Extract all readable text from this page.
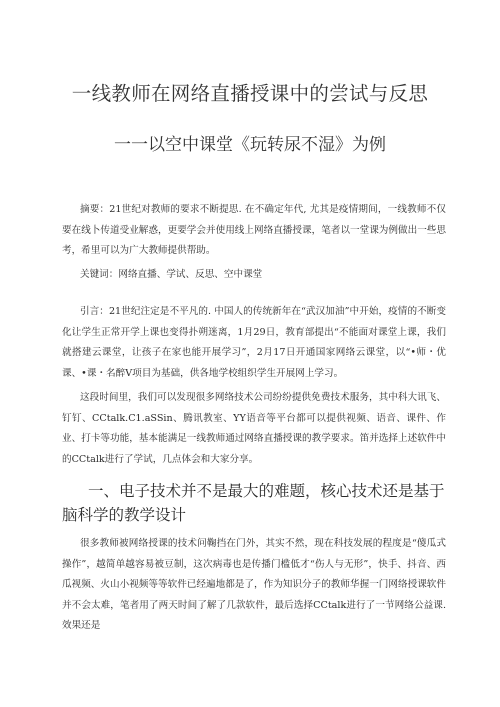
一线教师在网络直播授课中的尝试与反思
一一以空中课堂《玩转尿不湿》为例

摘要：21世纪对教师的要求不断提思. 在不确定年代, 尤其是疫情期间，一线教师不仅要在线卜传道受业解惑，更要学会并使用线上网络直播授课，笔者以一堂课为例做出一些思考，希里可以为广大教师提供帮助。

关键词：网络直播、学试、反思、空中课堂

引言：21世纪注定是不平凡的. 中国人的传统新年在“武汉加油”中开始，疫情的不断变化让学生正常开学上课也变得扑朔迷离，1月29日，教育部提出“不能面对课堂上课，我们就搭建云课堂，让孩子在家也能开展学习”，2月17日开通国家网络云课堂，以“•师・优课、•课・名醉V项目为基础，供各地学校组织学生开展网上学习。

这段时间里，我们可以发现很多网络技术公司纷纷提供免费技术服务，其中科大讯飞、钉钉、CCtalk.C1.aSSin、腾讯教室、YY语音等平台都可以提供视频、语音、课件、作业、打卡等功能，基本能满足一线教师通过网络直播授课的教学要求。笛并选择上述软件中的CCtalk进行了学试，几点体会和大家分享。

一、电子技术并不是最大的难题，核心技术还是基于脑科学的教学设计

很多教师被网络授课的技术问鞠挡在门外，其实不然，现在科技发展的程度是“傻瓜式操作”，越简单越容易被豆制，这次病毒也是传播门槛低才“伤人与无形”，快手、抖音、西瓜视频、火山小视频等等软件已经遍地都是了，作为知识分子的教师华握一门网络授课软件并不会太难，笔者用了两天时间了解了几款软件，最后选择CCtalk进行了一节网络公益课. 效果还是
